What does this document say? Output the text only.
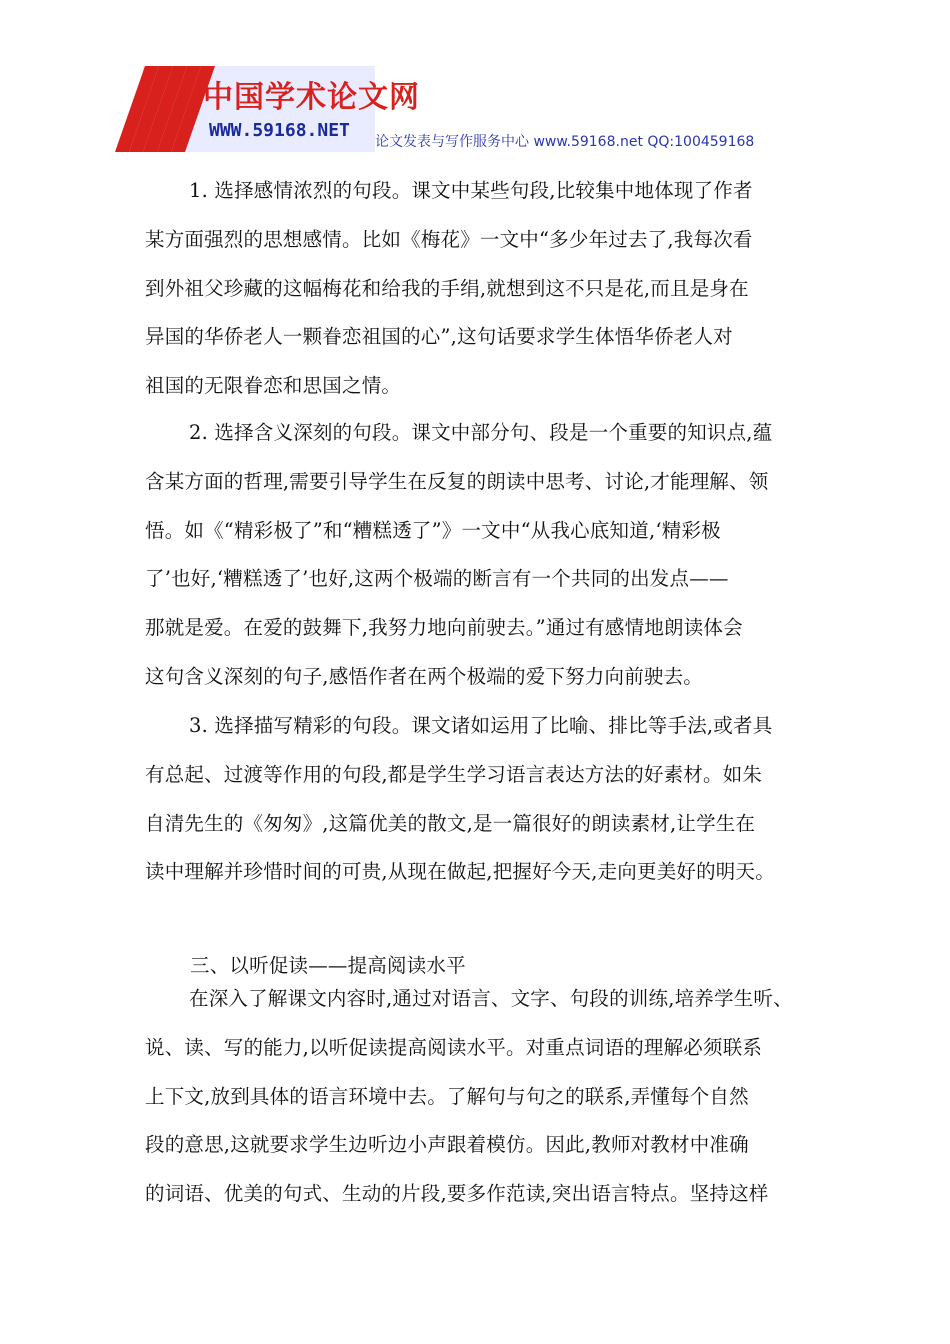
中国学术论文网
WWW.59168.NET
论文发表与写作服务中心 www.59168.net QQ:100459168

1. 选择感情浓烈的句段。课文中某些句段,比较集中地体现了作者
某方面强烈的思想感情。比如《梅花》一文中“多少年过去了,我每次看
到外祖父珍藏的这幅梅花和给我的手绢,就想到这不只是花,而且是身在
异国的华侨老人一颗眷恋祖国的心”,这句话要求学生体悟华侨老人对
祖国的无限眷恋和思国之情。

2. 选择含义深刻的句段。课文中部分句、段是一个重要的知识点,蕴
含某方面的哲理,需要引导学生在反复的朗读中思考、讨论,才能理解、领
悟。如《“精彩极了”和“糟糕透了”》一文中“从我心底知道,‘精彩极
了’也好,‘糟糕透了’也好,这两个极端的断言有一个共同的出发点——
那就是爱。在爱的鼓舞下,我努力地向前驶去。”通过有感情地朗读体会
这句含义深刻的句子,感悟作者在两个极端的爱下努力向前驶去。

3. 选择描写精彩的句段。课文诸如运用了比喻、排比等手法,或者具
有总起、过渡等作用的句段,都是学生学习语言表达方法的好素材。如朱
自清先生的《匆匆》,这篇优美的散文,是一篇很好的朗读素材,让学生在
读中理解并珍惜时间的可贵,从现在做起,把握好今天,走向更美好的明天。

三、以听促读——提高阅读水平

在深入了解课文内容时,通过对语言、文字、句段的训练,培养学生听、
说、读、写的能力,以听促读提高阅读水平。对重点词语的理解必须联系
上下文,放到具体的语言环境中去。了解句与句之的联系,弄懂每个自然
段的意思,这就要求学生边听边小声跟着模仿。因此,教师对教材中准确
的词语、优美的句式、生动的片段,要多作范读,突出语言特点。坚持这样
